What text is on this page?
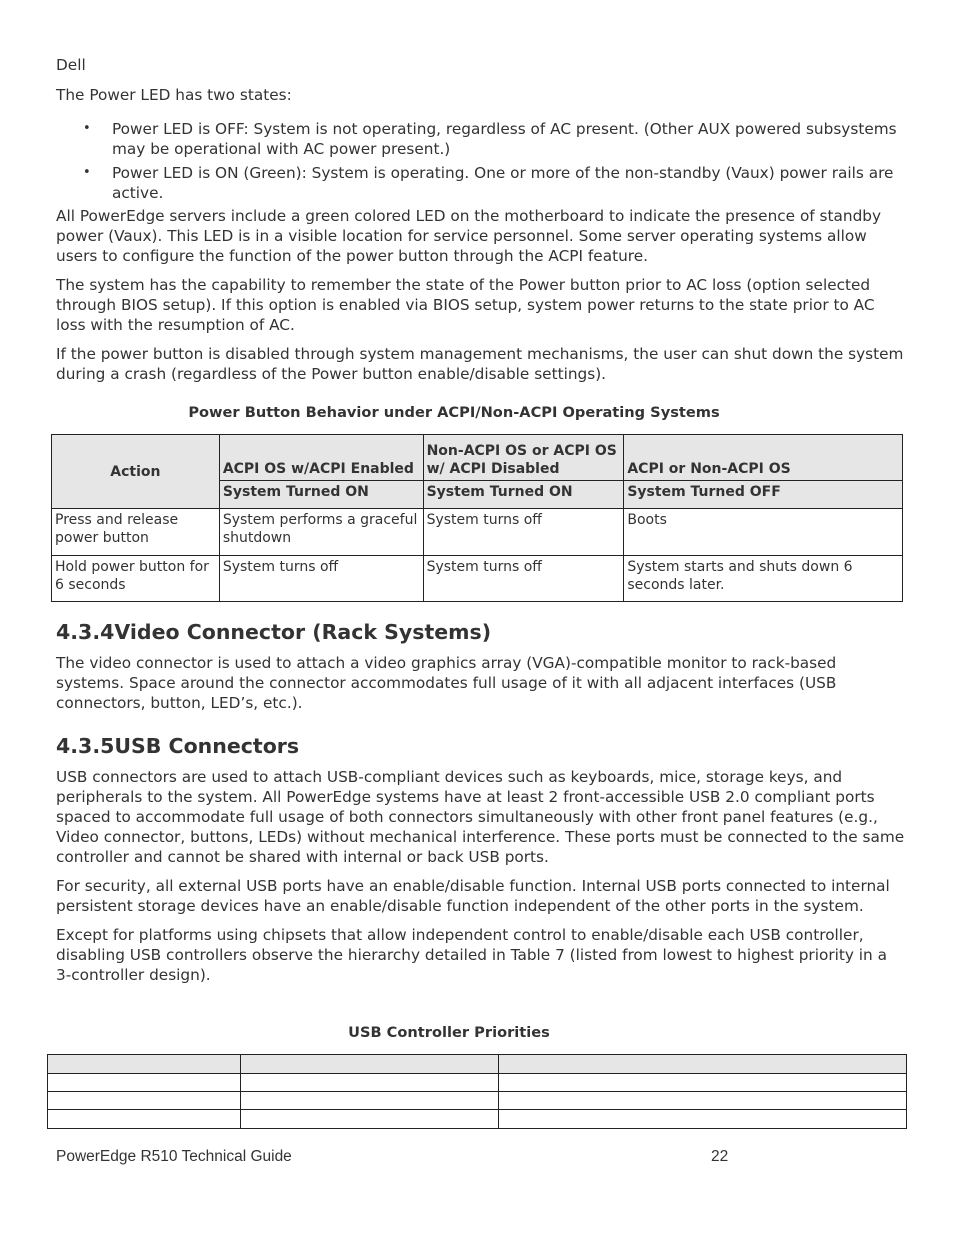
Dell

The Power LED has two states:

• Power LED is OFF: System is not operating, regardless of AC present. (Other AUX powered subsystems may be operational with AC power present.)
• Power LED is ON (Green): System is operating. One or more of the non-standby (Vaux) power rails are active.

All PowerEdge servers include a green colored LED on the motherboard to indicate the presence of standby power (Vaux). This LED is in a visible location for service personnel. Some server operating systems allow users to configure the function of the power button through the ACPI feature.

The system has the capability to remember the state of the Power button prior to AC loss (option selected through BIOS setup). If this option is enabled via BIOS setup, system power returns to the state prior to AC loss with the resumption of AC.

If the power button is disabled through system management mechanisms, the user can shut down the system during a crash (regardless of the Power button enable/disable settings).

Power Button Behavior under ACPI/Non-ACPI Operating Systems
Action	ACPI OS w/ACPI Enabled	Non-ACPI OS or ACPI OS w/ ACPI Disabled	ACPI or Non-ACPI OS
	System Turned ON	System Turned ON	System Turned OFF
Press and release power button	System performs a graceful shutdown	System turns off	Boots
Hold power button for 6 seconds	System turns off	System turns off	System starts and shuts down 6 seconds later.
4.3.4Video Connector (Rack Systems)

The video connector is used to attach a video graphics array (VGA)-compatible monitor to rack-based systems. Space around the connector accommodates full usage of it with all adjacent interfaces (USB connectors, button, LED’s, etc.).

4.3.5USB Connectors

USB connectors are used to attach USB-compliant devices such as keyboards, mice, storage keys, and peripherals to the system. All PowerEdge systems have at least 2 front-accessible USB 2.0 compliant ports spaced to accommodate full usage of both connectors simultaneously with other front panel features (e.g., Video connector, buttons, LEDs) without mechanical interference. These ports must be connected to the same controller and cannot be shared with internal or back USB ports.

For security, all external USB ports have an enable/disable function. Internal USB ports connected to internal persistent storage devices have an enable/disable function independent of the other ports in the system.

Except for platforms using chipsets that allow independent control to enable/disable each USB controller, disabling USB controllers observe the hierarchy detailed in Table 7 (listed from lowest to highest priority in a 3-controller design).

USB Controller Priorities

PowerEdge R510 Technical Guide	22
